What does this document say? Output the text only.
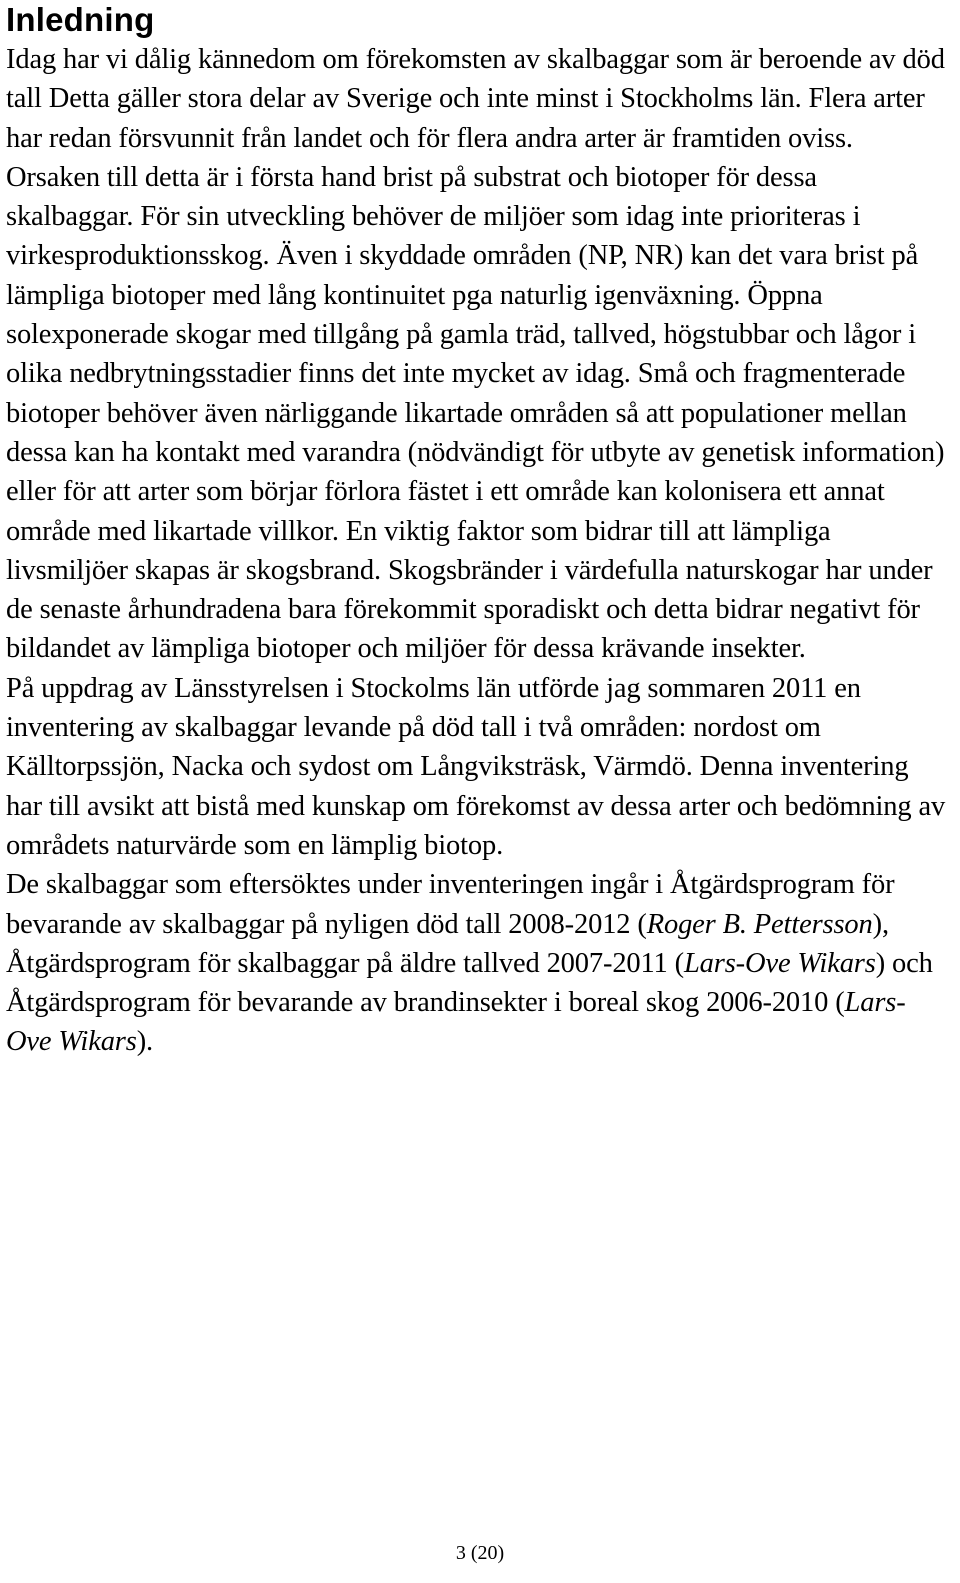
Inledning

Idag har vi dålig kännedom om förekomsten av skalbaggar som är beroende av död tall Detta gäller stora delar av Sverige och inte minst i Stockholms län. Flera arter har redan försvunnit från landet och för flera andra arter är framtiden oviss. Orsaken till detta är i första hand brist på substrat och biotoper för dessa skalbaggar. För sin utveckling behöver de miljöer som idag inte prioriteras i virkesproduktionsskog. Även i skyddade områden (NP, NR) kan det vara brist på lämpliga biotoper med lång kontinuitet pga naturlig igenväxning. Öppna solexponerade skogar med tillgång på gamla träd, tallved, högstubbar och lågor i olika nedbrytningsstadier finns det inte mycket av idag. Små och fragmenterade biotoper behöver även närliggande likartade områden så att populationer mellan dessa kan ha kontakt med varandra (nödvändigt för utbyte av genetisk information) eller för att arter som börjar förlora fästet i ett område kan kolonisera ett annat område med likartade villkor. En viktig faktor som bidrar till att lämpliga livsmiljöer skapas är skogsbrand. Skogsbränder i värdefulla naturskogar har under de senaste århundradena bara förekommit sporadiskt och detta bidrar negativt för bildandet av lämpliga biotoper och miljöer för dessa krävande insekter.

På uppdrag av Länsstyrelsen i Stockolms län utförde jag sommaren 2011 en inventering av skalbaggar levande på död tall i två områden: nordost om Källtorpssjön, Nacka och sydost om Långviksträsk, Värmdö. Denna inventering har till avsikt att bistå med kunskap om förekomst av dessa arter och bedömning av områdets naturvärde som en lämplig biotop.

De skalbaggar som eftersöktes under inventeringen ingår i Åtgärdsprogram för bevarande av skalbaggar på nyligen död tall 2008-2012 (Roger B. Pettersson), Åtgärdsprogram för skalbaggar på äldre tallved 2007-2011 (Lars-Ove Wikars) och Åtgärdsprogram för bevarande av brandinsekter i boreal skog 2006-2010 (Lars-Ove Wikars).

3 (20)
